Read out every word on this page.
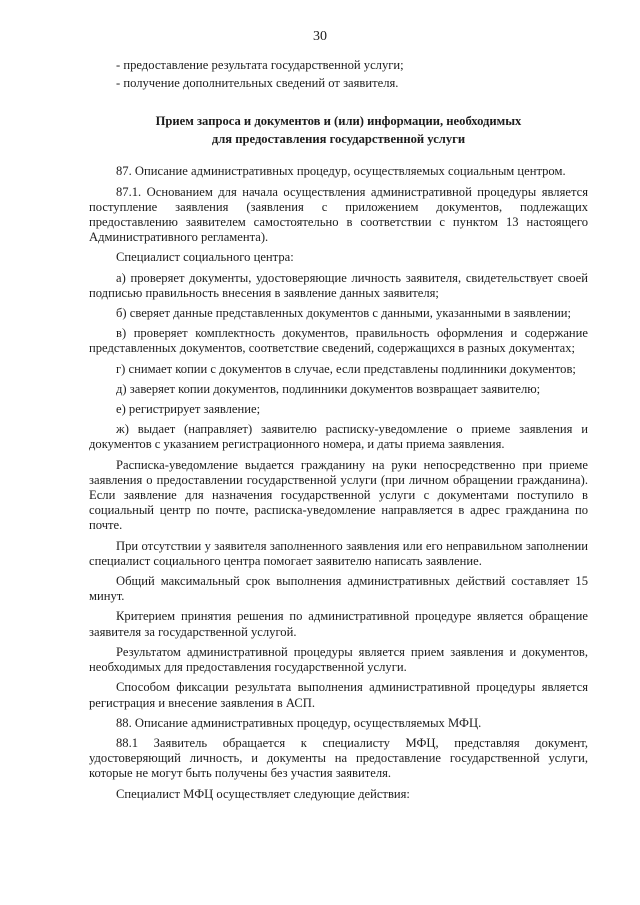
30
- предоставление результата государственной услуги;
- получение дополнительных сведений от заявителя.
Прием запроса и документов и (или) информации, необходимых
для предоставления государственной услуги

87. Описание административных процедур, осуществляемых социальным центром.

87.1. Основанием для начала осуществления административной процедуры является поступление заявления (заявления с приложением документов, подлежащих предоставлению заявителем самостоятельно в соответствии с пунктом 13 настоящего Административного регламента).

Специалист социального центра:

а) проверяет документы, удостоверяющие личность заявителя, свидетельствует своей подписью правильность внесения в заявление данных заявителя;

б) сверяет данные представленных документов с данными, указанными в заявлении;

в) проверяет комплектность документов, правильность оформления и содержание представленных документов, соответствие сведений, содержащихся в разных документах;

г) снимает копии с документов в случае, если представлены подлинники документов;

д) заверяет копии документов, подлинники документов возвращает заявителю;

е) регистрирует заявление;

ж) выдает (направляет) заявителю расписку-уведомление о приеме заявления и документов с указанием регистрационного номера, и даты приема заявления.

Расписка-уведомление выдается гражданину на руки непосредственно при приеме заявления о предоставлении государственной услуги (при личном обращении гражданина). Если заявление для назначения государственной услуги с документами поступило в социальный центр по почте, расписка-уведомление направляется в адрес гражданина по почте.

При отсутствии у заявителя заполненного заявления или его неправильном заполнении специалист социального центра помогает заявителю написать заявление.

Общий максимальный срок выполнения административных действий составляет 15 минут.

Критерием принятия решения по административной процедуре является обращение заявителя за государственной услугой.

Результатом административной процедуры является прием заявления и документов, необходимых для предоставления государственной услуги.

Способом фиксации результата выполнения административной процедуры является регистрация и внесение заявления в АСП.

88. Описание административных процедур, осуществляемых МФЦ.

88.1 Заявитель обращается к специалисту МФЦ, представляя документ, удостоверяющий личность, и документы на предоставление государственной услуги, которые не могут быть получены без участия заявителя.

Специалист МФЦ осуществляет следующие действия:
